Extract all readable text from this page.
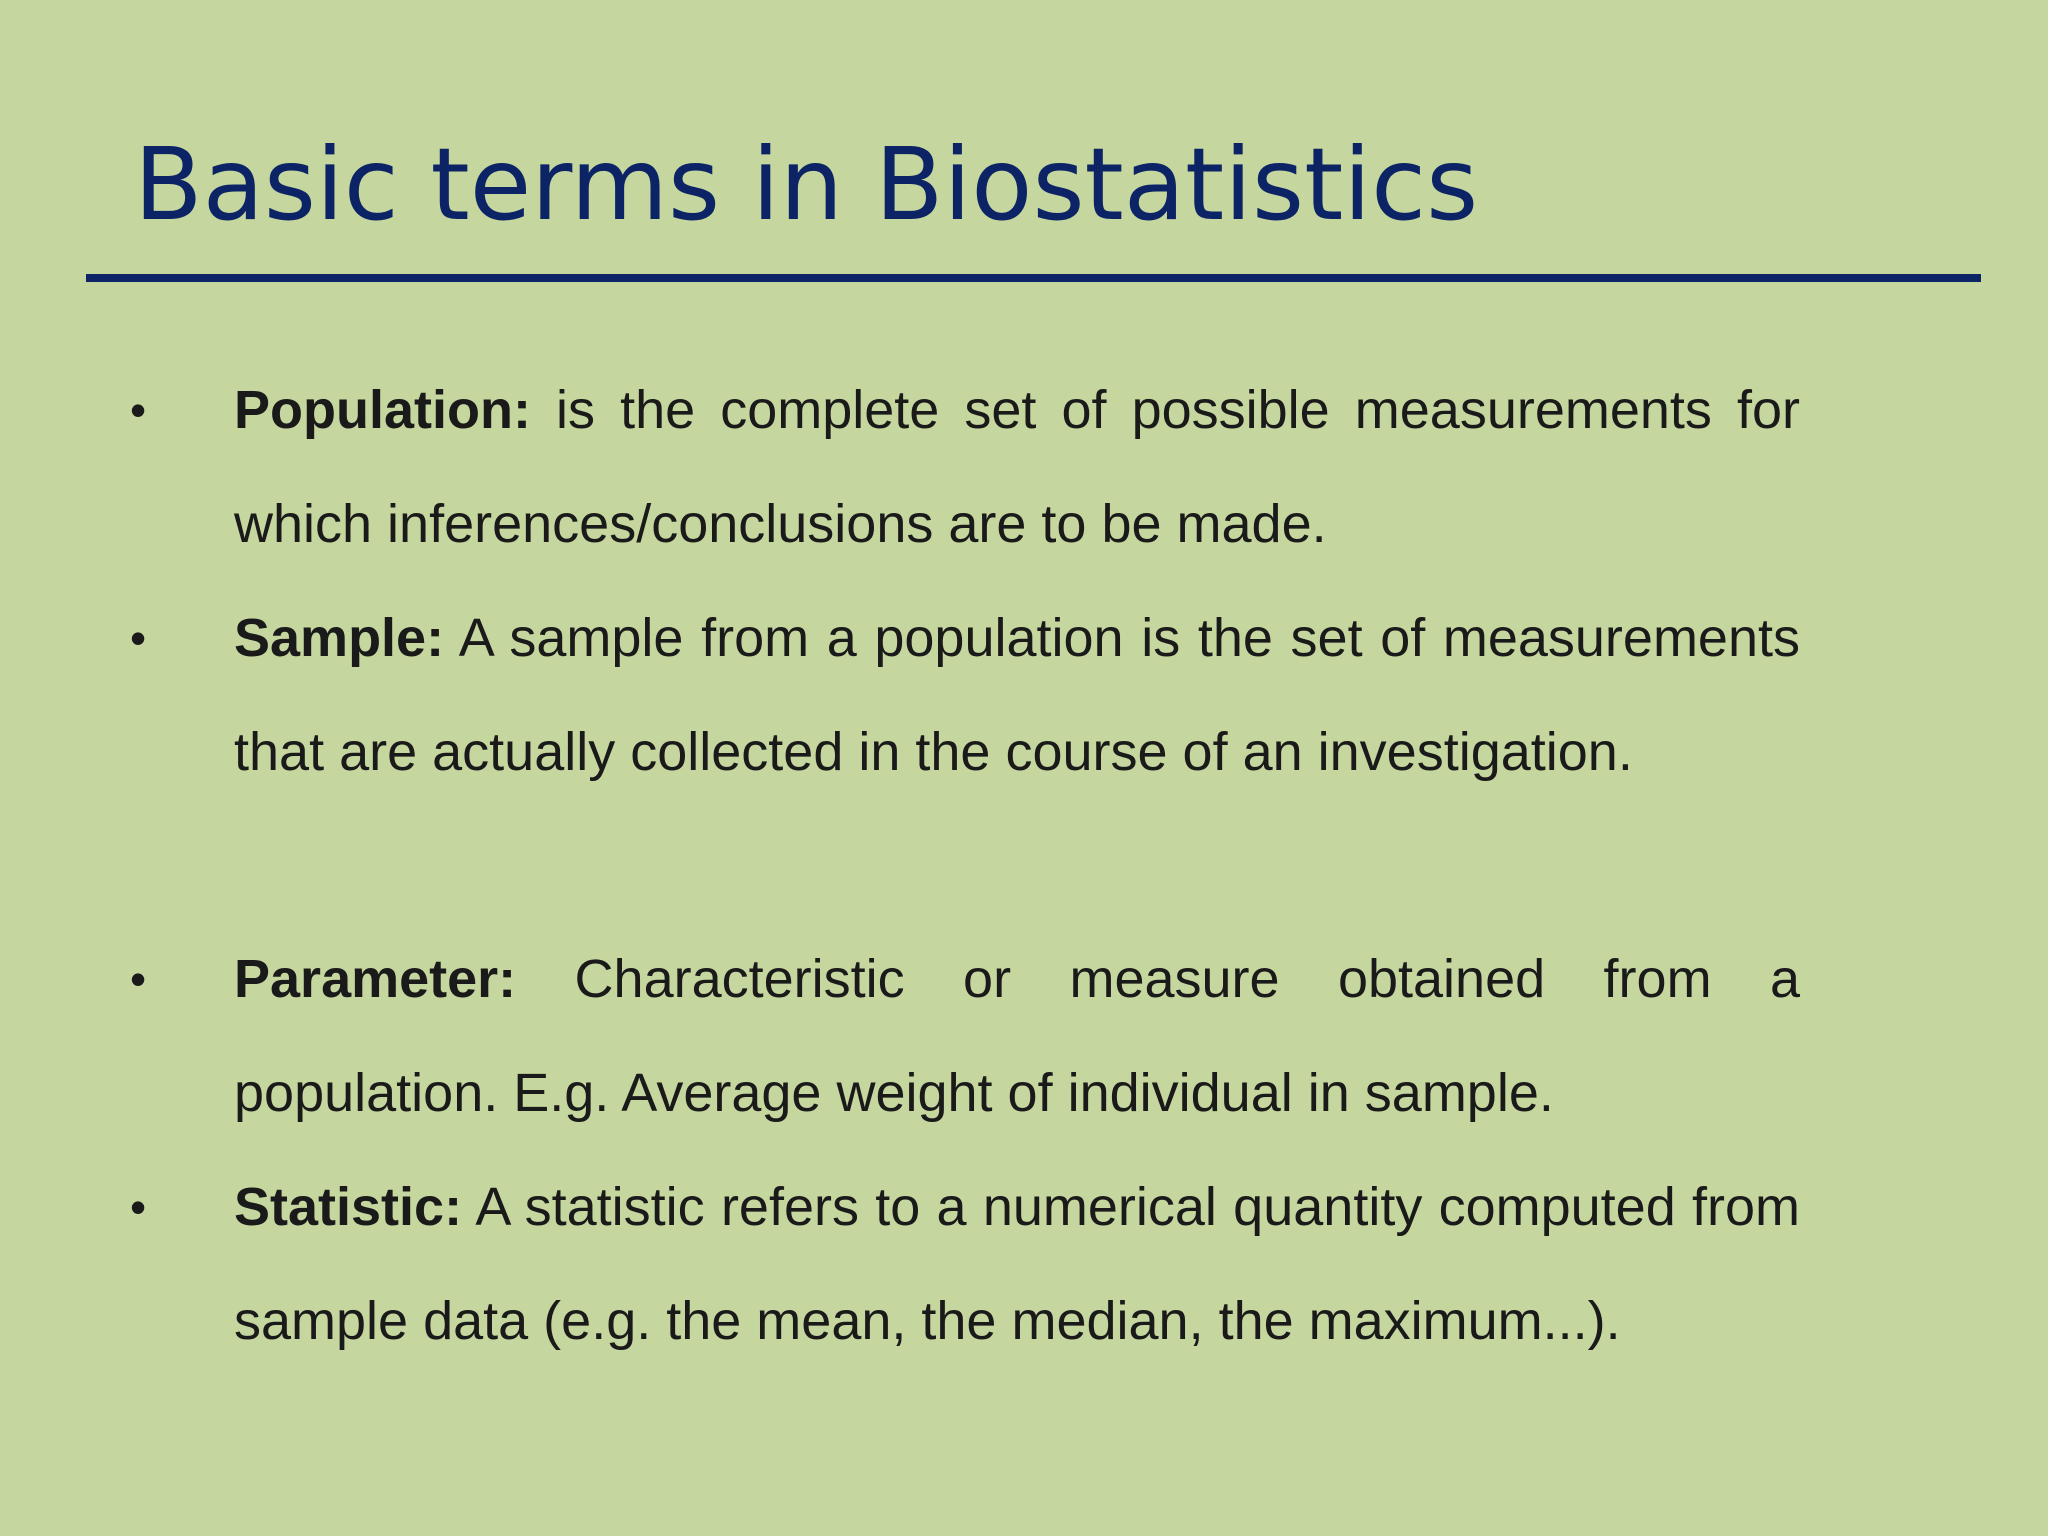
Basic terms in Biostatistics
• Population: is the complete set of possible measurements for which inferences/conclusions are to be made.

• Sample: A sample from a population is the set of measurements that are actually collected in the course of an investigation.

• Parameter: Characteristic or measure obtained from a population. E.g. Average weight of individual in sample.

• Statistic: A statistic refers to a numerical quantity computed from sample data (e.g. the mean, the median, the maximum...).
